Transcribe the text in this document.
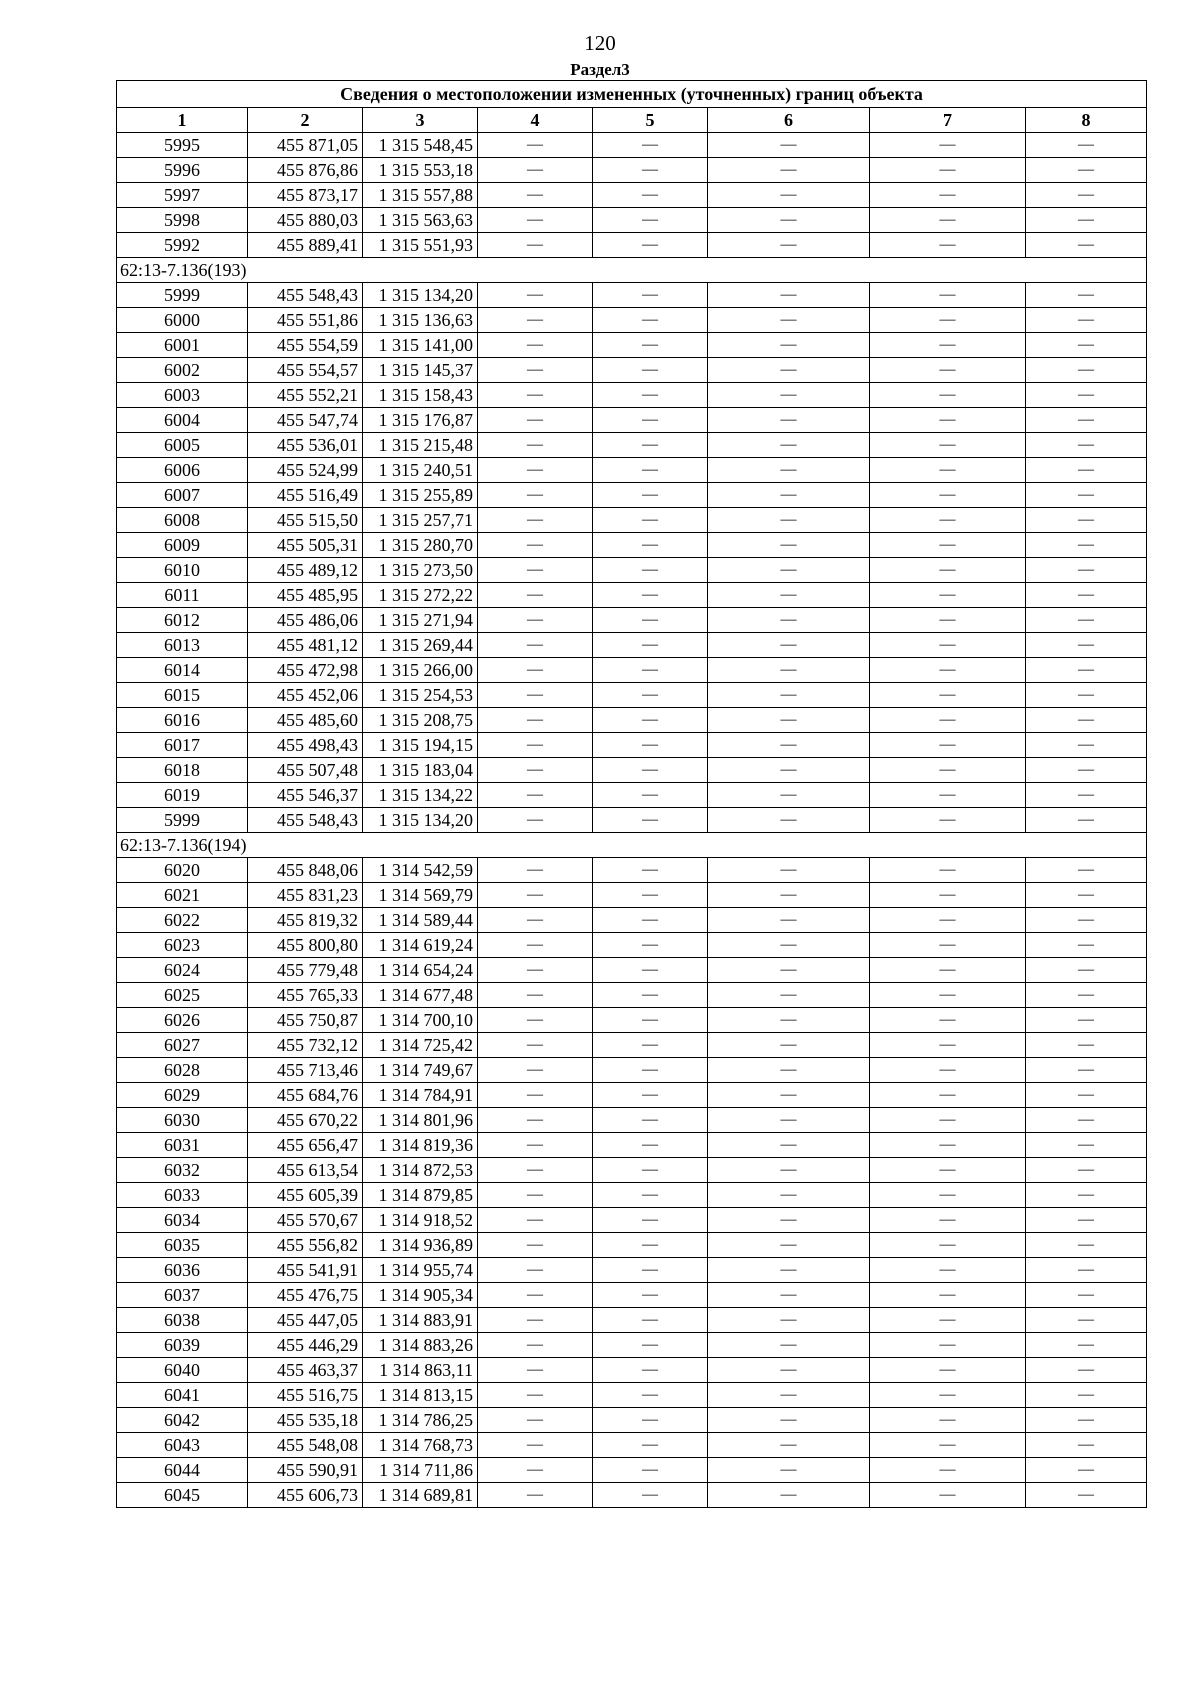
120
Раздел3
Сведения о местоположении измененных (уточненных) границ объекта							
1	2	3	4	5	6	7	8
5995	455 871,05	1 315 548,45	—	—	—	—	—
5996	455 876,86	1 315 553,18	—	—	—	—	—
5997	455 873,17	1 315 557,88	—	—	—	—	—
5998	455 880,03	1 315 563,63	—	—	—	—	—
5992	455 889,41	1 315 551,93	—	—	—	—	—
62:13-7.136(193)							
5999	455 548,43	1 315 134,20	—	—	—	—	—
6000	455 551,86	1 315 136,63	—	—	—	—	—
6001	455 554,59	1 315 141,00	—	—	—	—	—
6002	455 554,57	1 315 145,37	—	—	—	—	—
6003	455 552,21	1 315 158,43	—	—	—	—	—
6004	455 547,74	1 315 176,87	—	—	—	—	—
6005	455 536,01	1 315 215,48	—	—	—	—	—
6006	455 524,99	1 315 240,51	—	—	—	—	—
6007	455 516,49	1 315 255,89	—	—	—	—	—
6008	455 515,50	1 315 257,71	—	—	—	—	—
6009	455 505,31	1 315 280,70	—	—	—	—	—
6010	455 489,12	1 315 273,50	—	—	—	—	—
6011	455 485,95	1 315 272,22	—	—	—	—	—
6012	455 486,06	1 315 271,94	—	—	—	—	—
6013	455 481,12	1 315 269,44	—	—	—	—	—
6014	455 472,98	1 315 266,00	—	—	—	—	—
6015	455 452,06	1 315 254,53	—	—	—	—	—
6016	455 485,60	1 315 208,75	—	—	—	—	—
6017	455 498,43	1 315 194,15	—	—	—	—	—
6018	455 507,48	1 315 183,04	—	—	—	—	—
6019	455 546,37	1 315 134,22	—	—	—	—	—
5999	455 548,43	1 315 134,20	—	—	—	—	—
62:13-7.136(194)							
6020	455 848,06	1 314 542,59	—	—	—	—	—
6021	455 831,23	1 314 569,79	—	—	—	—	—
6022	455 819,32	1 314 589,44	—	—	—	—	—
6023	455 800,80	1 314 619,24	—	—	—	—	—
6024	455 779,48	1 314 654,24	—	—	—	—	—
6025	455 765,33	1 314 677,48	—	—	—	—	—
6026	455 750,87	1 314 700,10	—	—	—	—	—
6027	455 732,12	1 314 725,42	—	—	—	—	—
6028	455 713,46	1 314 749,67	—	—	—	—	—
6029	455 684,76	1 314 784,91	—	—	—	—	—
6030	455 670,22	1 314 801,96	—	—	—	—	—
6031	455 656,47	1 314 819,36	—	—	—	—	—
6032	455 613,54	1 314 872,53	—	—	—	—	—
6033	455 605,39	1 314 879,85	—	—	—	—	—
6034	455 570,67	1 314 918,52	—	—	—	—	—
6035	455 556,82	1 314 936,89	—	—	—	—	—
6036	455 541,91	1 314 955,74	—	—	—	—	—
6037	455 476,75	1 314 905,34	—	—	—	—	—
6038	455 447,05	1 314 883,91	—	—	—	—	—
6039	455 446,29	1 314 883,26	—	—	—	—	—
6040	455 463,37	1 314 863,11	—	—	—	—	—
6041	455 516,75	1 314 813,15	—	—	—	—	—
6042	455 535,18	1 314 786,25	—	—	—	—	—
6043	455 548,08	1 314 768,73	—	—	—	—	—
6044	455 590,91	1 314 711,86	—	—	—	—	—
6045	455 606,73	1 314 689,81	—	—	—	—	—
